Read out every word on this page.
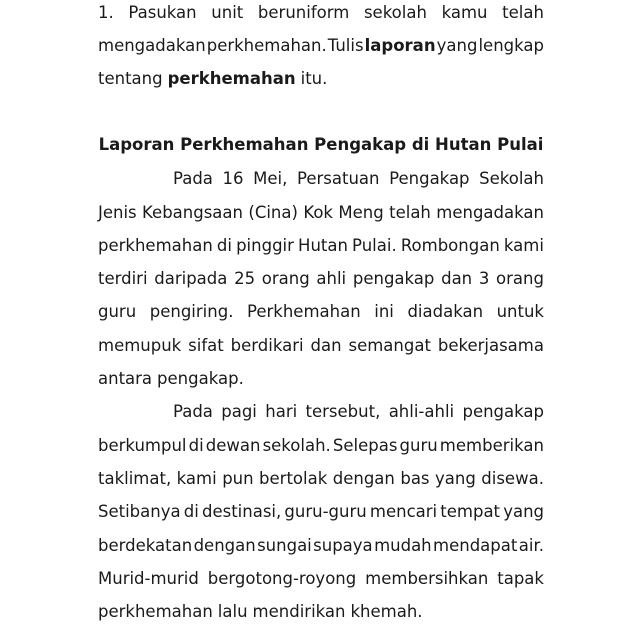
1. Pasukan unit beruniform sekolah kamu telah
mengadakan perkhemahan. Tulis laporan yang lengkap
tentang perkhemahan itu.
Laporan Perkhemahan Pengakap di Hutan Pulai
Pada 16 Mei, Persatuan Pengakap Sekolah
Jenis Kebangsaan (Cina) Kok Meng telah mengadakan
perkhemahan di pinggir Hutan Pulai. Rombongan kami
terdiri daripada 25 orang ahli pengakap dan 3 orang
guru pengiring. Perkhemahan ini diadakan untuk
memupuk sifat berdikari dan semangat bekerjasama
antara pengakap.
Pada pagi hari tersebut, ahli-ahli pengakap
berkumpul di dewan sekolah. Selepas guru memberikan
taklimat, kami pun bertolak dengan bas yang disewa.
Setibanya di destinasi, guru-guru mencari tempat yang
berdekatan dengan sungai supaya mudah mendapat air.
Murid-murid bergotong-royong membersihkan tapak
perkhemahan lalu mendirikan khemah.
